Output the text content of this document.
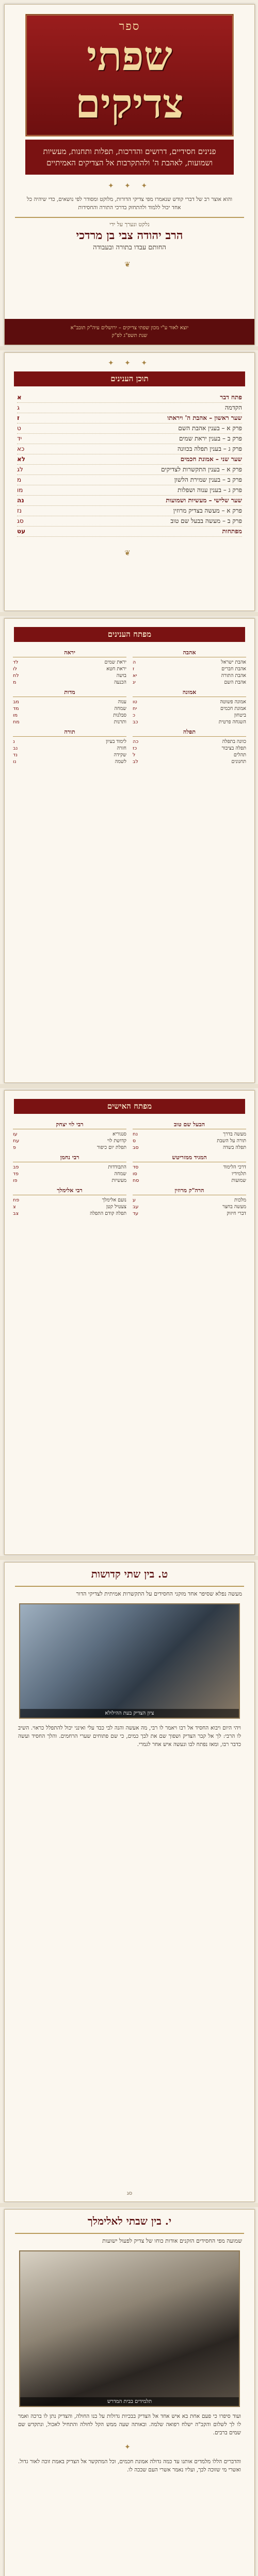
ספר
שפתי
צדיקים
פנינים חסידיים, דרושים והדרכות, תפלות ותחנות, מעשיות ושמועות, לאהבת ה' ולהתקרבות אל הצדיקים האמיתיים
✦ ✦ ✦
והוא אוצר רב של דברי קודש שנאמרו מפי צדיקי הדורות, מלוקט ומסודר לפי נושאים, כדי שיהיה כל אחד יכול ללמוד ולהתחזק בדרכי התורה והחסידות
נלקט ונערך על ידי
הרב יהודה צבי בן מרדכי
החותם עבדו בתורה ובעבודה
❦
יוצא לאור ע"י מכון שפתי צדיקים – ירושלים עיה"ק תובב"א
שנת תשפ"ג לפ"ק
✦ ✦ ✦
תוכן הענינים
פתח דבר
א
הקדמה
ג
שער ראשון – אהבת ה' ויראתו
ז
פרק א – בענין אהבת השם
ט
פרק ב – בענין יראת שמים
יד
פרק ג – בענין תפלה בכוונה
כא
שער שני – אמונת חכמים
לא
פרק א – בענין התקשרות לצדיקים
לג
פרק ב – בענין שמירת הלשון
מ
פרק ג – בענין ענוה ושפלות
מו
שער שלישי – מעשיות ושמועות
נה
פרק א – מעשה בצדיק מרוזין
נז
פרק ב – מעשה בבעל שם טוב
סג
מפתחות
עט
❦
מפתח הענינים
אהבה
אהבת ישראל
ה
אהבת חברים
ז
אהבת התורה
יא
אהבת השם
יג
אמונה
אמונה פשוטה
טו
אמונת חכמים
יח
ביטחון
כ
השגחה פרטית
כב
תפלה
כוונה בתפלה
כה
תפלה בציבור
כז
תהלים
ל
תחנונים
לב
יראה
יראת שמים
לד
יראת חטא
לו
בושה
לח
הכנעה
מ
מדות
ענוה
מב
שמחה
מד
סבלנות
מו
ותרנות
מח
תורה
לימוד בעיון
נ
חזרה
נב
שקידה
נד
לשמה
נו
מפתח האישים
הבעל שם טוב
מעשה בדרך
נח
תורה על השבת
ס
תפלה בשדה
סב
המגיד ממזריטש
דרכי הלימוד
סד
תלמידיו
סו
שמועות
סח
הרה"ק מרוזין
מלכות
ע
מעשה בחצר
עב
דברי חיזוק
עד
רבי לוי יצחק
סנגוריא
עו
קדושת לוי
עח
תפלת יום כיפור
פ
רבי נחמן
התבודדות
פב
שמחה
פד
מעשיות
פו
רבי אלימלך
נועם אלימלך
פח
צעטיל קטן
צ
תפלה קודם התפלה
צב
ט. בין שתי קדושות
מעשה נפלא שסיפר אחד מזקני החסידים על התקשרות אמיתית לצדיקי הדור
ציון הצדיק בעת ההילולא
ויהי היום ויבוא החסיד אל רבו ויאמר לו רבי, מה אעשה והנה לבי כבד עלי ואינני יכול להתפלל כראוי. השיב לו הרבי: לך אל קבר הצדיק ושפוך שם את לבך כמים, כי שם פתוחים שערי הרחמים. והלך החסיד ועשה כדבר רבו, ומאז נפתח לבו ונעשה איש אחר לגמרי.
סג
י. בין שבתי לאלימלך
שמועה מפי החסידים הזקנים אודות כוחו של צדיק לפעול ישועות
תלמידים בבית המדרש
ועוד סיפרו כי פעם אחת בא איש אחד אל הצדיק בבכיות גדולות על בנו החולה, והצדיק נתן לו ברכה ואמר לו לך לשלום והקב"ה ישלח רפואה שלמה. ובאותה שעה ממש הקל לחולה והתחיל לאכול, ונתקדש שם שמים ברבים.
✦
והדברים הללו מלמדים אותנו עד כמה גדולה אמונת חכמים, וכל המתקשר אל הצדיק באמת זוכה לאור גדול. ואשרי מי שזוכה לכך, ועליו נאמר אשרי העם שככה לו.
